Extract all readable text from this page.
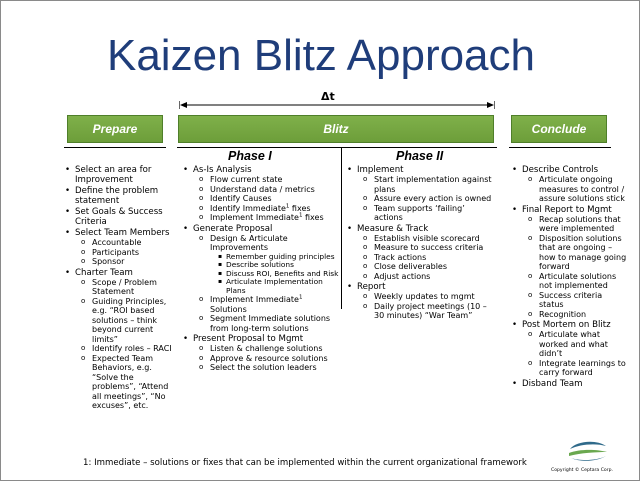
Kaizen Blitz Approach
Δt
Prepare	Blitz	Conclude
Phase I	Phase II
• Select an area for Improvement
• Define the problem statement
• Set Goals & Success Criteria
• Select Team Members
o Accountable
o Participants
o Sponsor
• Charter Team
o Scope / Problem Statement
o Guiding Principles, e.g. “ROI based solutions – think beyond current limits”
o Identify roles – RACI
o Expected Team Behaviors, e.g. “Solve the problems”, “Attend all meetings”, “No excuses”, etc.
• As-Is Analysis
o Flow current state
o Understand data / metrics
o Identify Causes
o Identify Immediate$^1$ fixes
o Implement Immediate$^1$ fixes
• Generate Proposal
o Design & Articulate Improvements
▪ Remember guiding principles
▪ Describe solutions
▪ Discuss ROI, Benefits and Risk
▪ Articulate Implementation Plans
o Implement Immediate$^1$ Solutions
o Segment Immediate solutions from long-term solutions
• Present Proposal to Mgmt
o Listen & challenge solutions
o Approve & resource solutions
o Select the solution leaders
• Implement
o Start implementation against plans
o Assure every action is owned
o Team supports ‘failing’ actions
• Measure & Track
o Establish visible scorecard
o Measure to success criteria
o Track actions
o Close deliverables
o Adjust actions
• Report
o Weekly updates to mgmt
o Daily project meetings (10 – 30 minutes) “War Team”
• Describe Controls
o Articulate ongoing measures to control / assure solutions stick
• Final Report to Mgmt
o Recap solutions that were implemented
o Disposition solutions that are ongoing – how to manage going forward
o Articulate solutions not implemented
o Success criteria status
o Recognition
• Post Mortem on Blitz
o Articulate what worked and what didn’t
o Integrate learnings to carry forward
• Disband Team
1: Immediate – solutions or fixes that can be implemented within the current organizational framework
Copyright © Ceptara Corp.
